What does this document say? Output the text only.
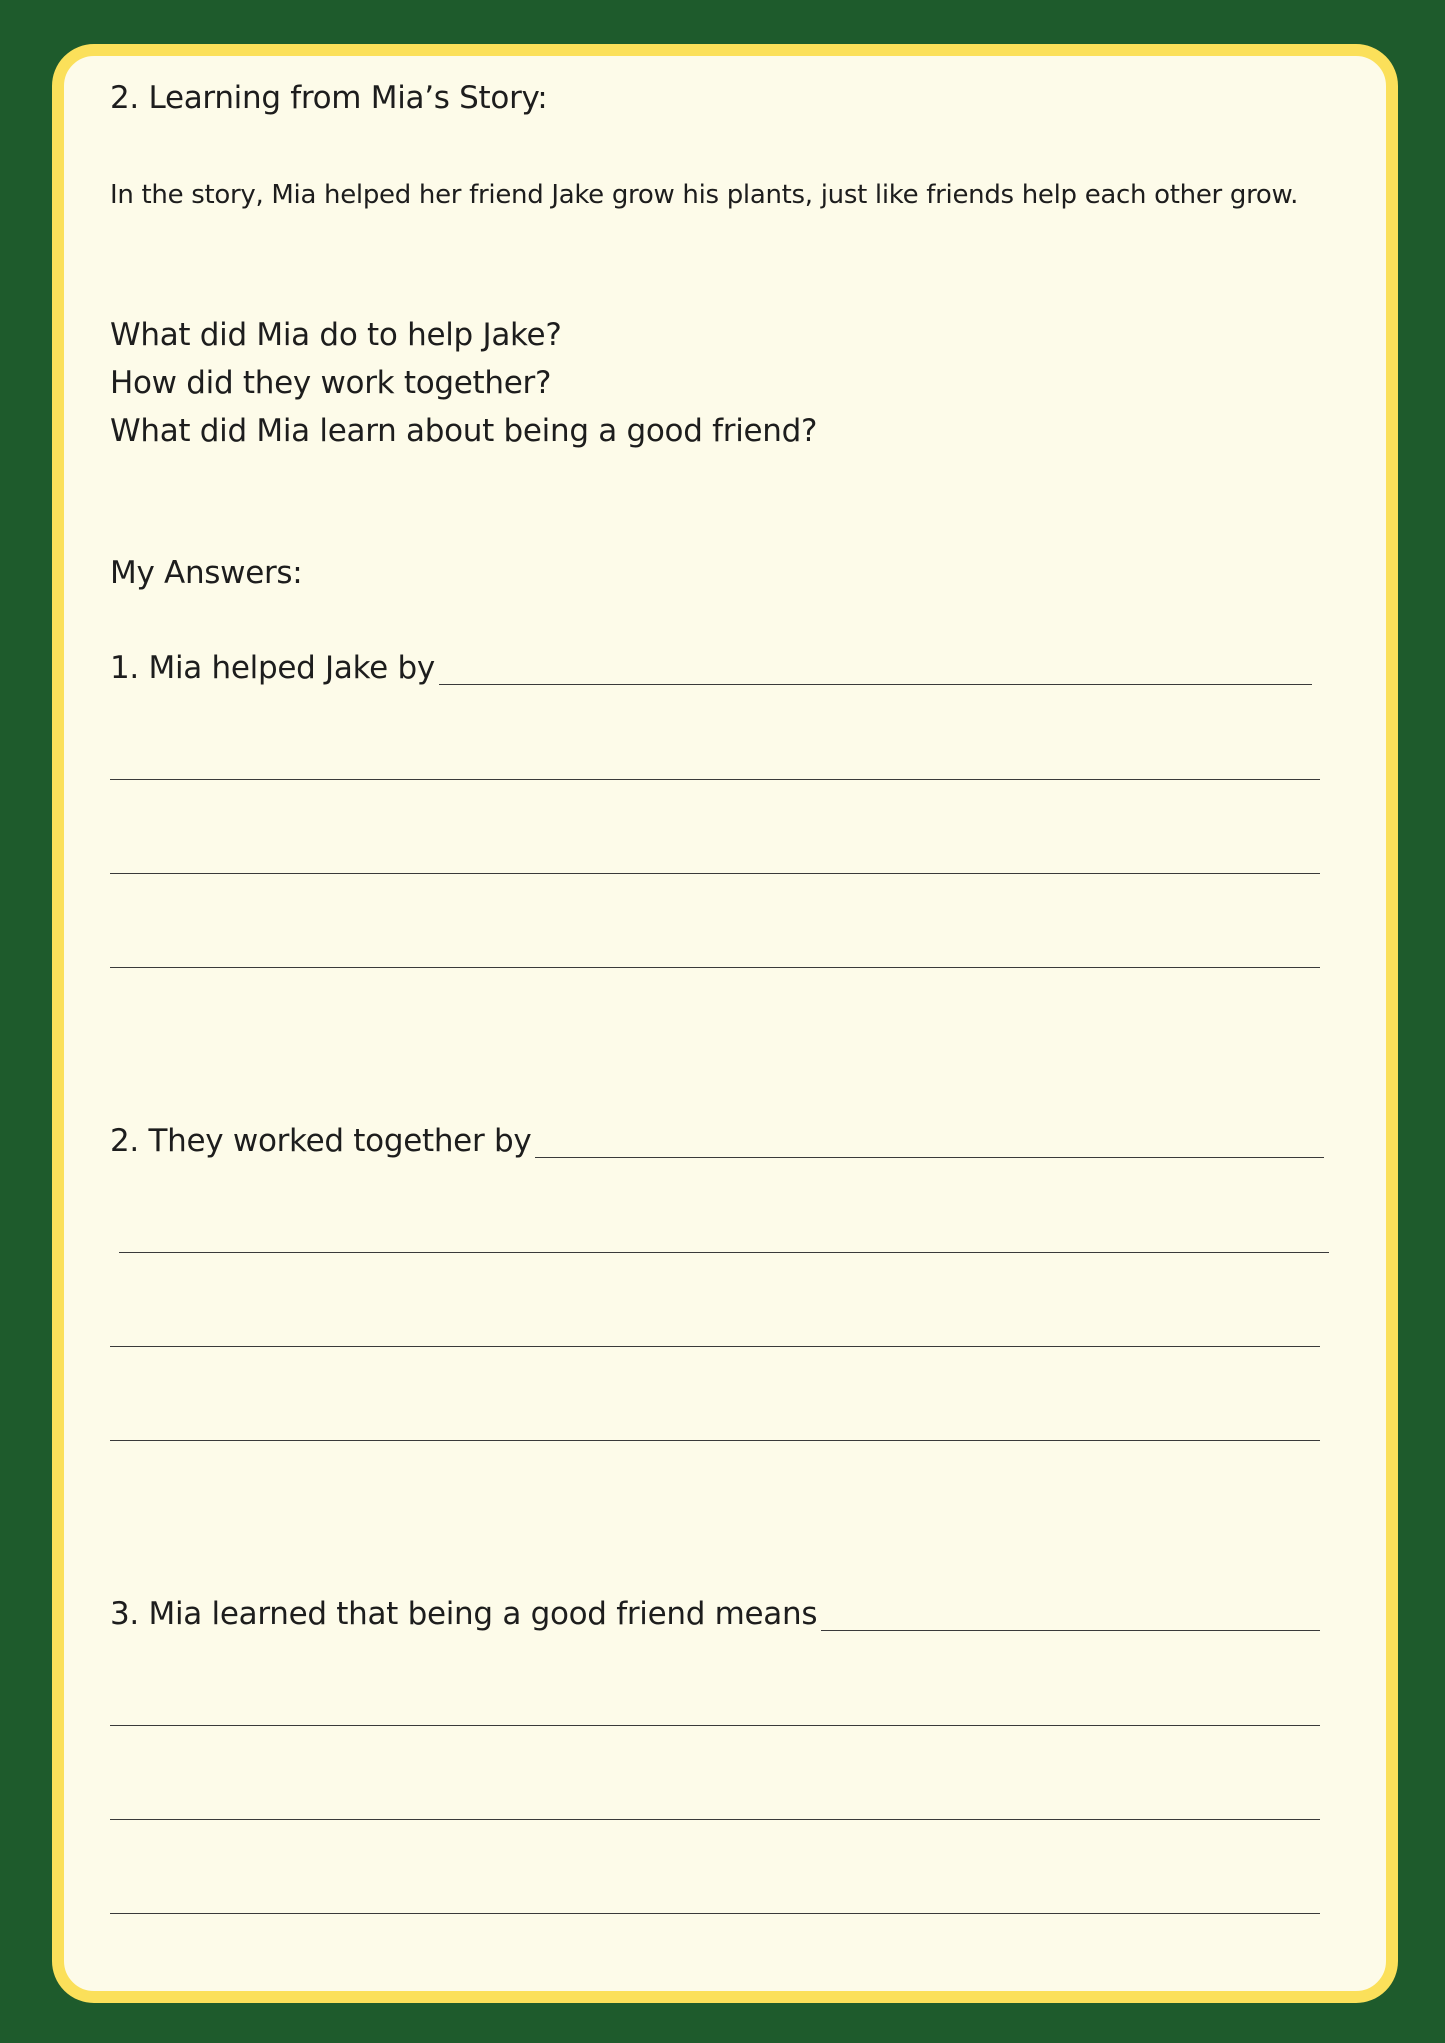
2. Learning from Mia’s Story:

In the story, Mia helped her friend Jake grow his plants, just like friends help each other grow.

What did Mia do to help Jake?

How did they work together?

What did Mia learn about being a good friend?

My Answers:

1. Mia helped Jake by

2. They worked together by

3. Mia learned that being a good friend means
